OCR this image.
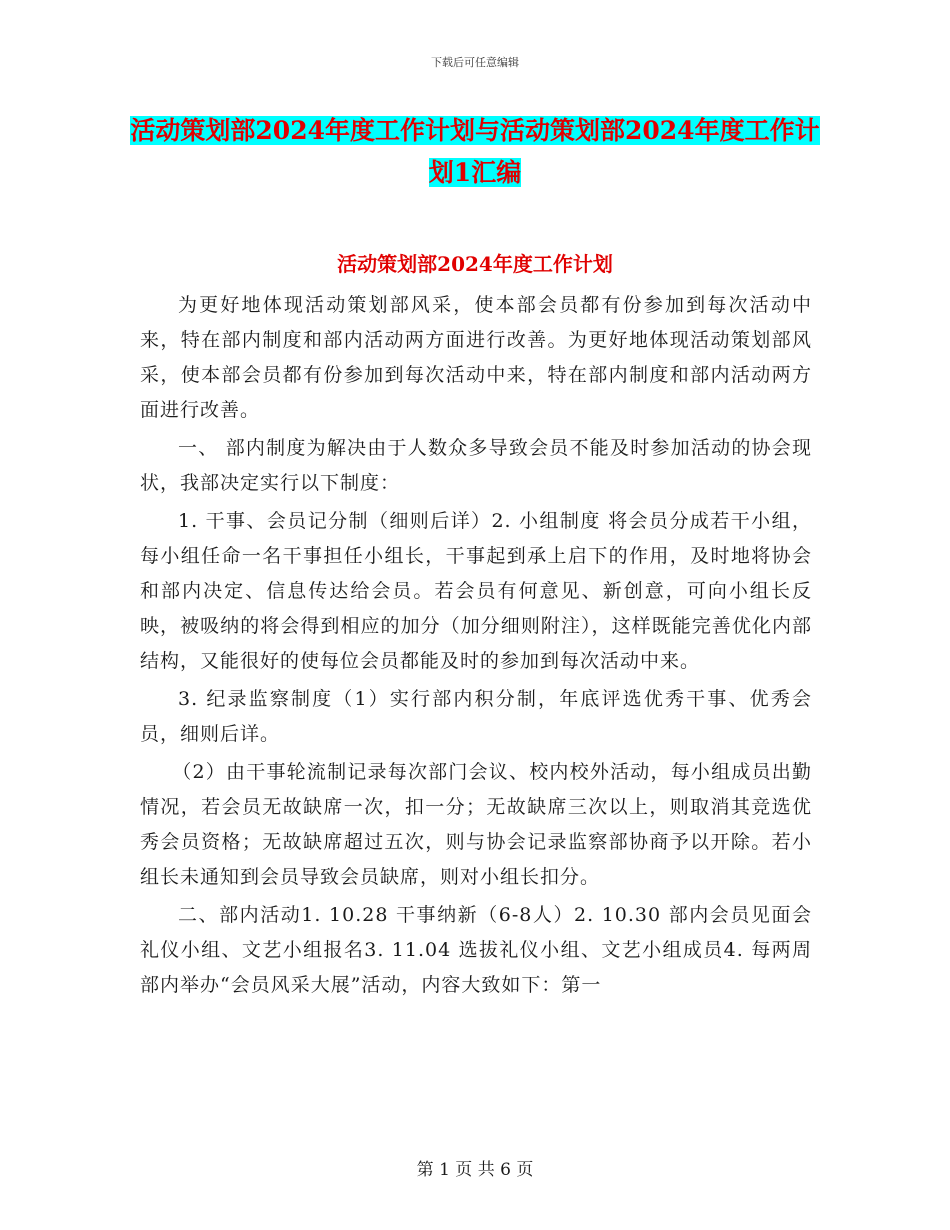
下载后可任意编辑
活动策划部2024年度工作计划与活动策划部2024年度工作计划1汇编
活动策划部2024年度工作计划

为更好地体现活动策划部风采，使本部会员都有份参加到每次活动中来，特在部内制度和部内活动两方面进行改善。为更好地体现活动策划部风采，使本部会员都有份参加到每次活动中来，特在部内制度和部内活动两方面进行改善。

一、 部内制度为解决由于人数众多导致会员不能及时参加活动的协会现状，我部决定实行以下制度：

1. 干事、会员记分制（细则后详）2. 小组制度 将会员分成若干小组，每小组任命一名干事担任小组长，干事起到承上启下的作用，及时地将协会和部内决定、信息传达给会员。若会员有何意见、新创意，可向小组长反映，被吸纳的将会得到相应的加分（加分细则附注），这样既能完善优化内部结构，又能很好的使每位会员都能及时的参加到每次活动中来。

3. 纪录监察制度（1）实行部内积分制，年底评选优秀干事、优秀会员，细则后详。

（2）由干事轮流制记录每次部门会议、校内校外活动，每小组成员出勤情况，若会员无故缺席一次，扣一分；无故缺席三次以上，则取消其竞选优秀会员资格；无故缺席超过五次，则与协会记录监察部协商予以开除。若小组长未通知到会员导致会员缺席，则对小组长扣分。

二、部内活动1. 10.28 干事纳新（6-8人）2. 10.30 部内会员见面会 礼仪小组、文艺小组报名3. 11.04 选拔礼仪小组、文艺小组成员4. 每两周部内举办“会员风采大展”活动，内容大致如下：第一

第 1 页 共 6 页
